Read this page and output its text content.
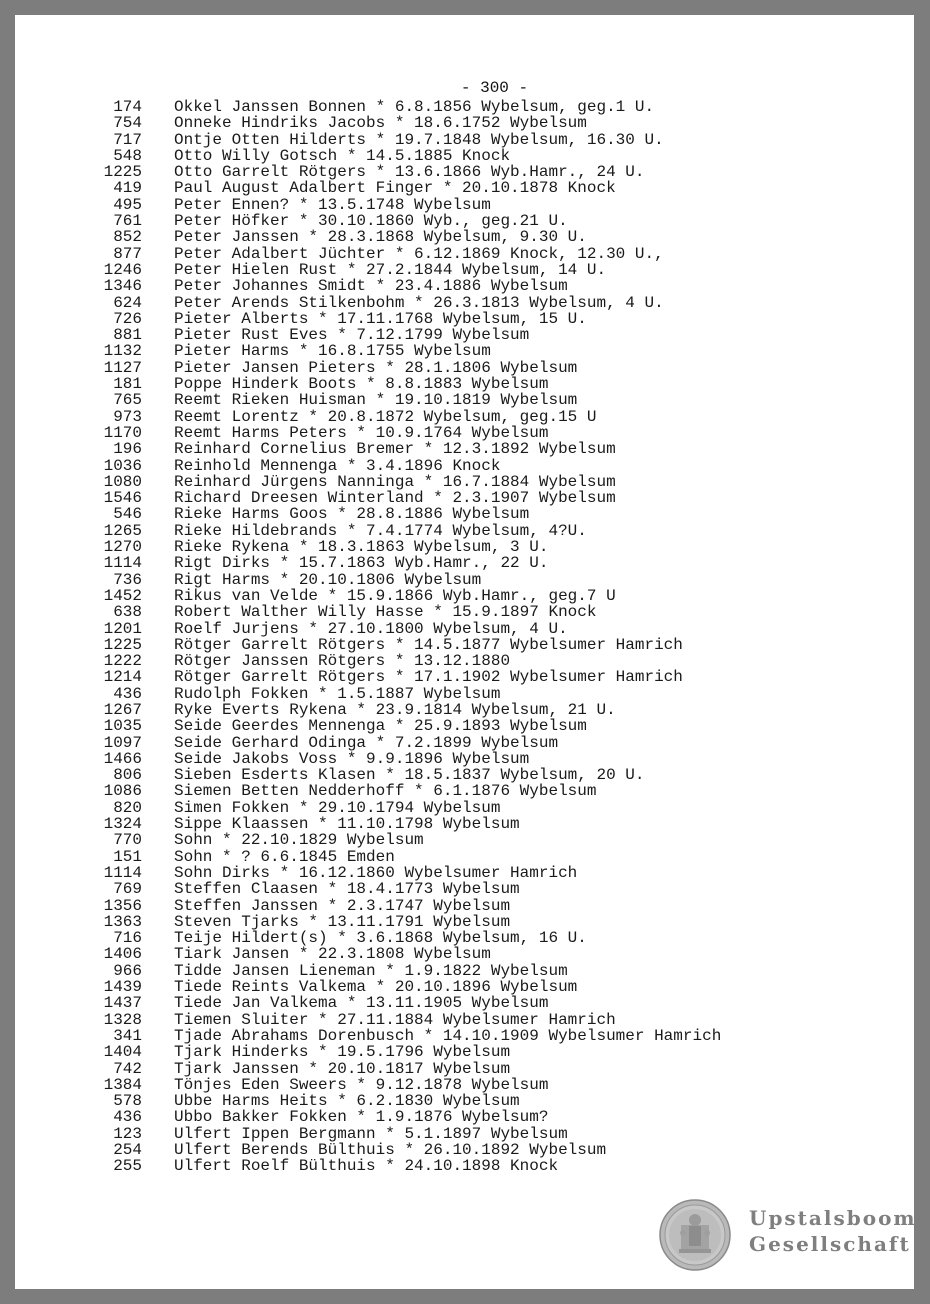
- 300 -
174 Okkel Janssen Bonnen * 6.8.1856 Wybelsum, geg.1 U.
754 Onneke Hindriks Jacobs * 18.6.1752 Wybelsum
717 Ontje Otten Hilderts * 19.7.1848 Wybelsum, 16.30 U.
548 Otto Willy Gotsch * 14.5.1885 Knock
1225 Otto Garrelt Rötgers * 13.6.1866 Wyb.Hamr., 24 U.
419 Paul August Adalbert Finger * 20.10.1878 Knock
495 Peter Ennen? * 13.5.1748 Wybelsum
761 Peter Höfker * 30.10.1860 Wyb., geg.21 U.
852 Peter Janssen * 28.3.1868 Wybelsum, 9.30 U.
877 Peter Adalbert Jüchter * 6.12.1869 Knock, 12.30 U.,
1246 Peter Hielen Rust * 27.2.1844 Wybelsum, 14 U.
1346 Peter Johannes Smidt * 23.4.1886 Wybelsum
624 Peter Arends Stilkenbohm * 26.3.1813 Wybelsum, 4 U.
726 Pieter Alberts * 17.11.1768 Wybelsum, 15 U.
881 Pieter Rust Eves * 7.12.1799 Wybelsum
1132 Pieter Harms * 16.8.1755 Wybelsum
1127 Pieter Jansen Pieters * 28.1.1806 Wybelsum
181 Poppe Hinderk Boots * 8.8.1883 Wybelsum
765 Reemt Rieken Huisman * 19.10.1819 Wybelsum
973 Reemt Lorentz * 20.8.1872 Wybelsum, geg.15 U
1170 Reemt Harms Peters * 10.9.1764 Wybelsum
196 Reinhard Cornelius Bremer * 12.3.1892 Wybelsum
1036 Reinhold Mennenga * 3.4.1896 Knock
1080 Reinhard Jürgens Nanninga * 16.7.1884 Wybelsum
1546 Richard Dreesen Winterland * 2.3.1907 Wybelsum
546 Rieke Harms Goos * 28.8.1886 Wybelsum
1265 Rieke Hildebrands * 7.4.1774 Wybelsum, 4?U.
1270 Rieke Rykena * 18.3.1863 Wybelsum, 3 U.
1114 Rigt Dirks * 15.7.1863 Wyb.Hamr., 22 U.
736 Rigt Harms * 20.10.1806 Wybelsum
1452 Rikus van Velde * 15.9.1866 Wyb.Hamr., geg.7 U
638 Robert Walther Willy Hasse * 15.9.1897 Knock
1201 Roelf Jurjens * 27.10.1800 Wybelsum, 4 U.
1225 Rötger Garrelt Rötgers * 14.5.1877 Wybelsumer Hamrich
1222 Rötger Janssen Rötgers * 13.12.1880
1214 Rötger Garrelt Rötgers * 17.1.1902 Wybelsumer Hamrich
436 Rudolph Fokken * 1.5.1887 Wybelsum
1267 Ryke Everts Rykena * 23.9.1814 Wybelsum, 21 U.
1035 Seide Geerdes Mennenga * 25.9.1893 Wybelsum
1097 Seide Gerhard Odinga * 7.2.1899 Wybelsum
1466 Seide Jakobs Voss * 9.9.1896 Wybelsum
806 Sieben Esderts Klasen * 18.5.1837 Wybelsum, 20 U.
1086 Siemen Betten Nedderhoff * 6.1.1876 Wybelsum
820 Simen Fokken * 29.10.1794 Wybelsum
1324 Sippe Klaassen * 11.10.1798 Wybelsum
770 Sohn * 22.10.1829 Wybelsum
151 Sohn * ? 6.6.1845 Emden
1114 Sohn Dirks * 16.12.1860 Wybelsumer Hamrich
769 Steffen Claasen * 18.4.1773 Wybelsum
1356 Steffen Janssen * 2.3.1747 Wybelsum
1363 Steven Tjarks * 13.11.1791 Wybelsum
716 Teije Hildert(s) * 3.6.1868 Wybelsum, 16 U.
1406 Tiark Jansen * 22.3.1808 Wybelsum
966 Tidde Jansen Lieneman * 1.9.1822 Wybelsum
1439 Tiede Reints Valkema * 20.10.1896 Wybelsum
1437 Tiede Jan Valkema * 13.11.1905 Wybelsum
1328 Tiemen Sluiter * 27.11.1884 Wybelsumer Hamrich
341 Tjade Abrahams Dorenbusch * 14.10.1909 Wybelsumer Hamrich
1404 Tjark Hinderks * 19.5.1796 Wybelsum
742 Tjark Janssen * 20.10.1817 Wybelsum
1384 Tönjes Eden Sweers * 9.12.1878 Wybelsum
578 Ubbe Harms Heits * 6.2.1830 Wybelsum
436 Ubbo Bakker Fokken * 1.9.1876 Wybelsum?
123 Ulfert Ippen Bergmann * 5.1.1897 Wybelsum
254 Ulfert Berends Bülthuis * 26.10.1892 Wybelsum
255 Ulfert Roelf Bülthuis * 24.10.1898 Knock
Upstalsboom
Gesellschaft
